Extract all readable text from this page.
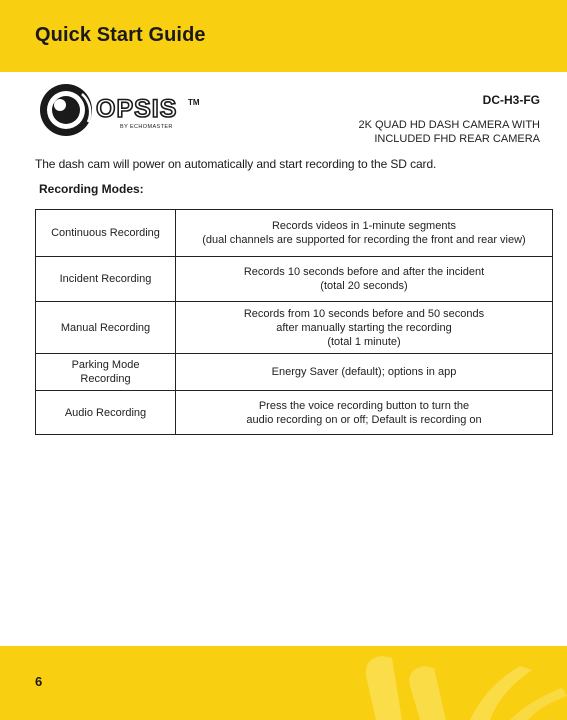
Quick Start Guide
OPSIS TM
BY ECHOMASTER
DC-H3-FG
2K QUAD HD DASH CAMERA WITH
INCLUDED FHD REAR CAMERA
The dash cam will power on automatically and start recording to the SD card.
Recording Modes:
Continuous Recording	Records videos in 1-minute segments
(dual channels are supported for recording the front and rear view)

Incident Recording	Records 10 seconds before and after the incident
(total 20 seconds)

Manual Recording	Records from 10 seconds before and 50 seconds
after manually starting the recording
(total 1 minute)

Parking Mode
Recording	Energy Saver (default); options in app

Audio Recording	Press the voice recording button to turn the
audio recording on or off; Default is recording on
6
